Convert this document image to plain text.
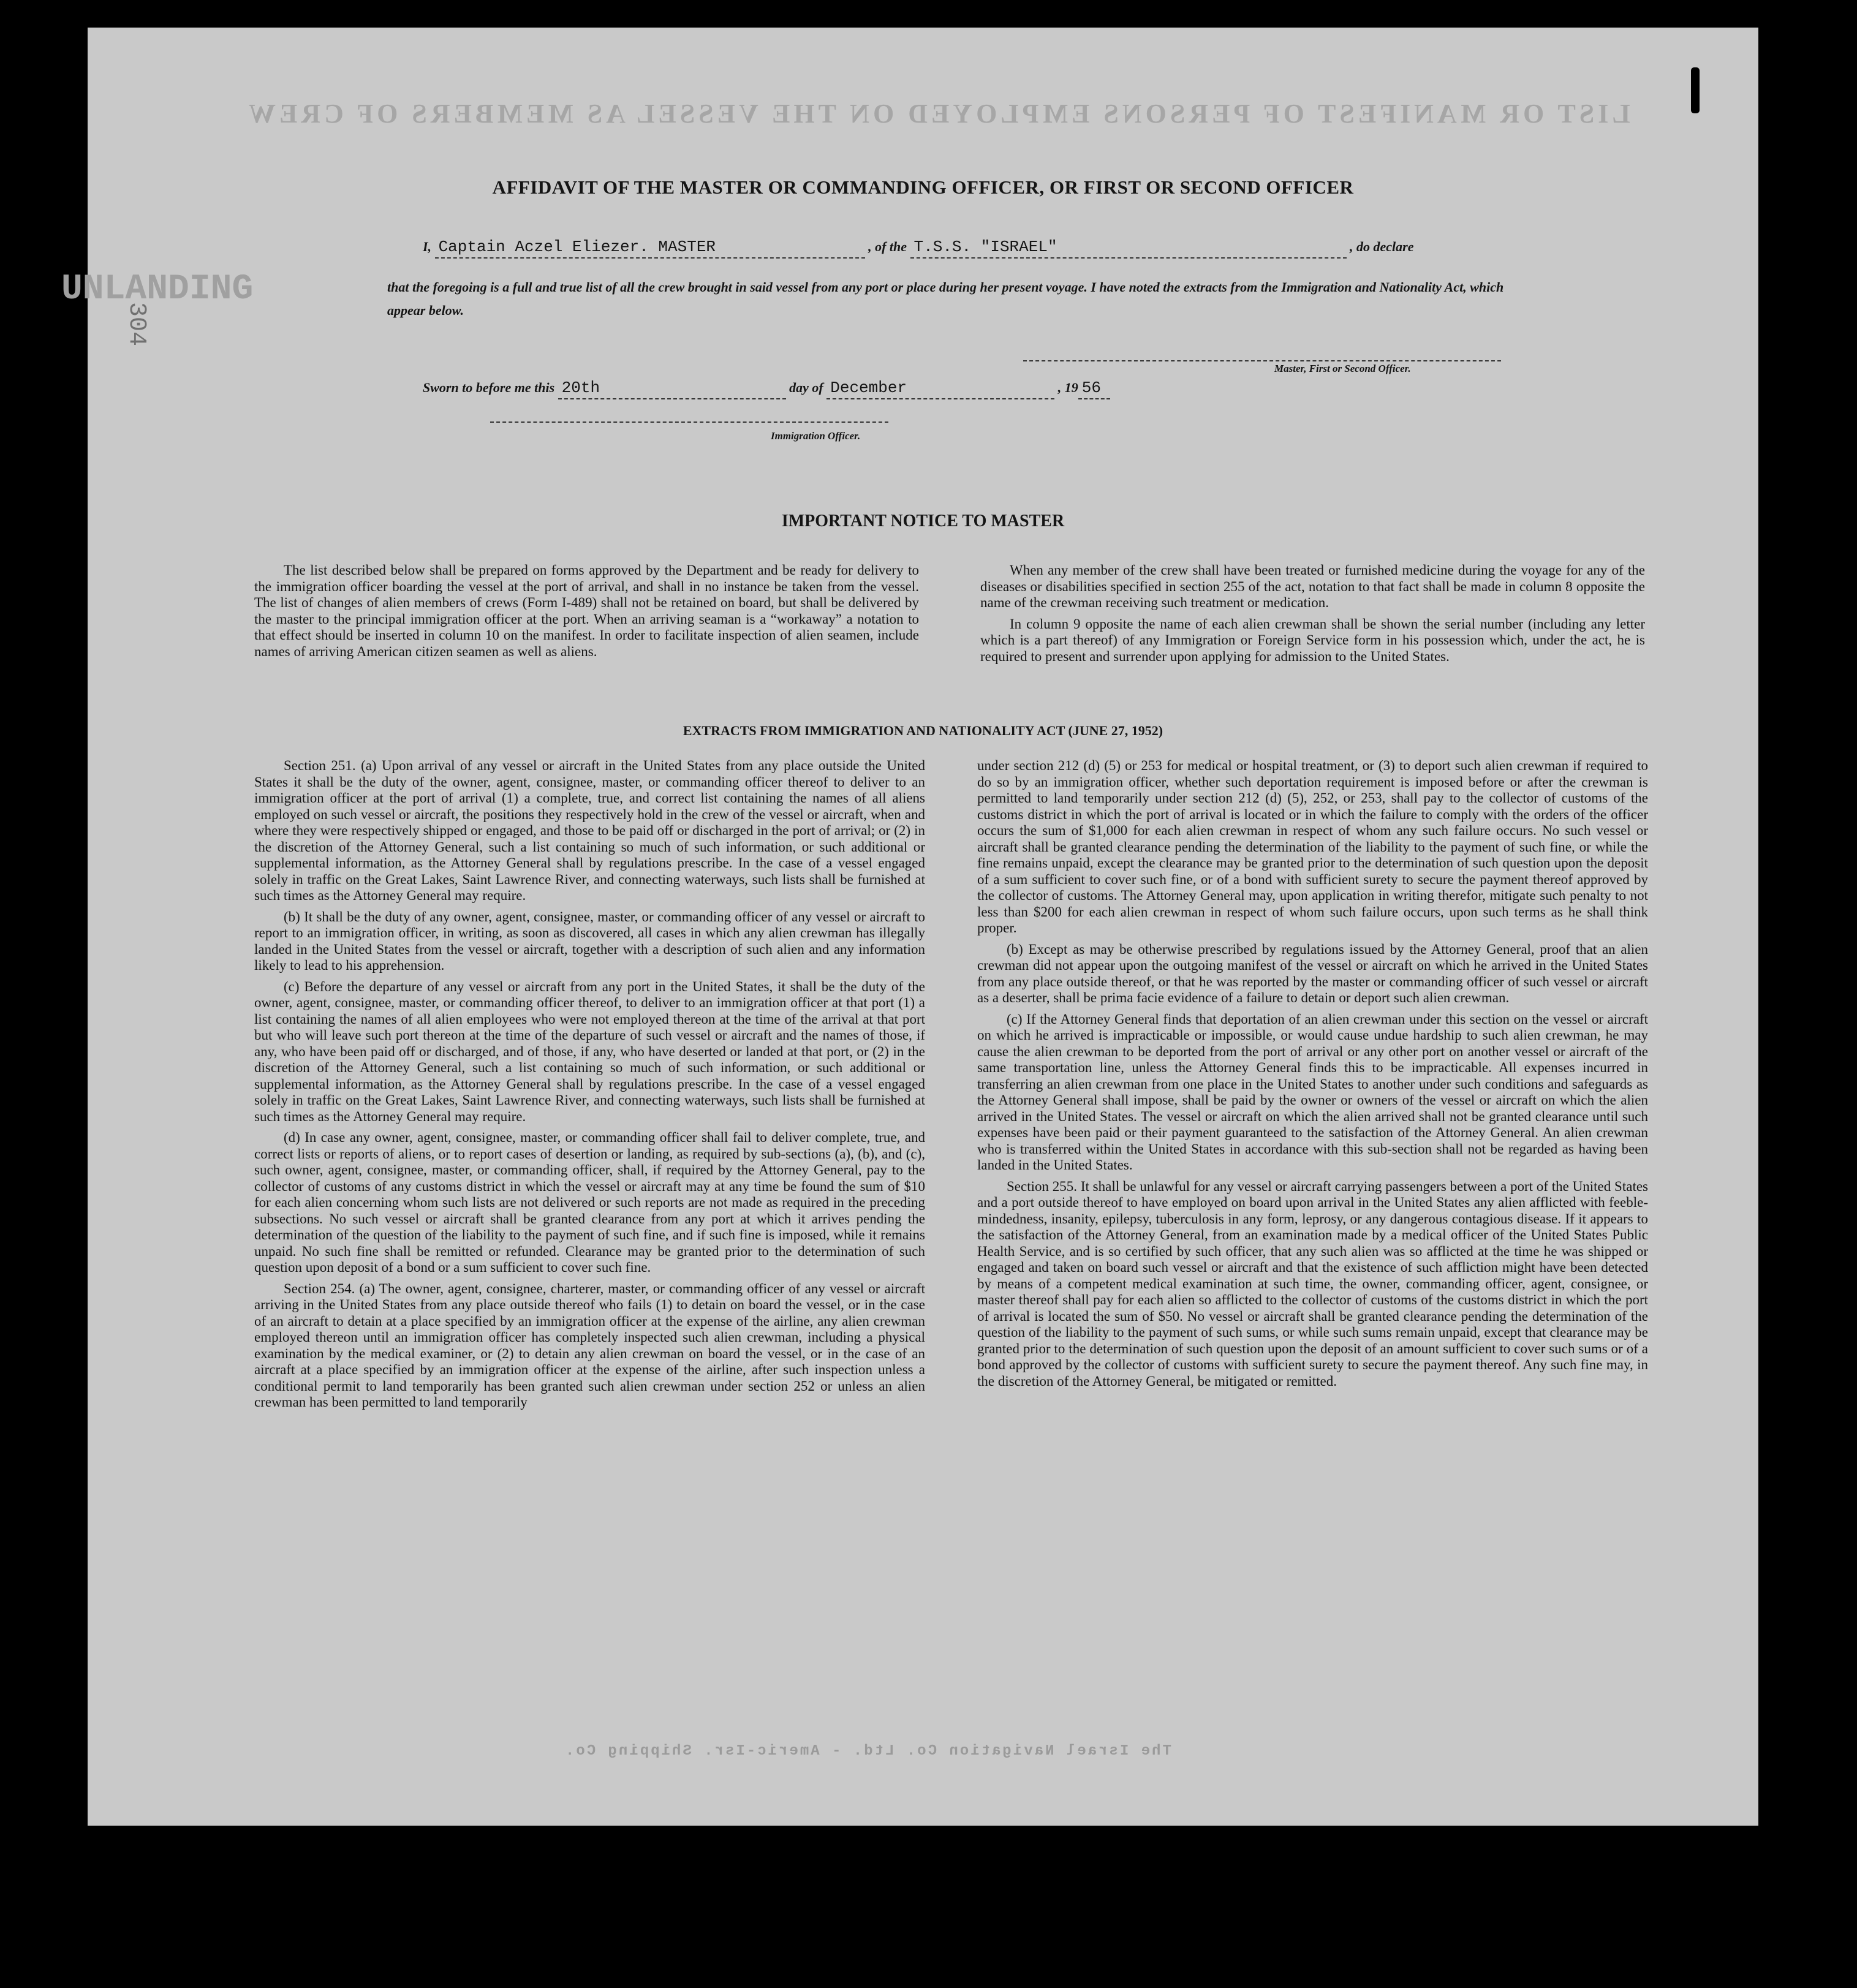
LIST OR MANIFEST OF PERSONS EMPLOYED ON THE VESSEL AS MEMBERS OF CREW
UNLANDING
The Israel Navigation Co. Ltd. - Americ-Isr. Shipping Co.
304
AFFIDAVIT OF THE MASTER OR COMMANDING OFFICER, OR FIRST OR SECOND OFFICER
I, Captain Aczel Eliezer. MASTER	, of the T.S.S. "ISRAEL"	, do declare
that the foregoing is a full and true list of all the crew brought in said vessel from any port or place during her present voyage. I have noted the extracts from the Immigration and Nationality Act, which appear below.
Master, First or Second Officer.
Sworn to before me this 20th	day of December	, 19 56
Immigration Officer.
IMPORTANT NOTICE TO MASTER

The list described below shall be prepared on forms approved by the Department and be ready for delivery to the immigration officer boarding the vessel at the port of arrival, and shall in no instance be taken from the vessel. The list of changes of alien members of crews (Form I-489) shall not be retained on board, but shall be delivered by the master to the principal immigration officer at the port. When an arriving seaman is a “workaway” a notation to that effect should be inserted in column 10 on the manifest. In order to facilitate inspection of alien seamen, include names of arriving American citizen seamen as well as aliens.

When any member of the crew shall have been treated or furnished medicine during the voyage for any of the diseases or disabilities specified in section 255 of the act, notation to that fact shall be made in column 8 opposite the name of the crewman receiving such treatment or medication.

In column 9 opposite the name of each alien crewman shall be shown the serial number (including any letter which is a part thereof) of any Immigration or Foreign Service form in his possession which, under the act, he is required to present and surrender upon applying for admission to the United States.

EXTRACTS FROM IMMIGRATION AND NATIONALITY ACT (JUNE 27, 1952)

Section 251. (a) Upon arrival of any vessel or aircraft in the United States from any place outside the United States it shall be the duty of the owner, agent, consignee, master, or commanding officer thereof to deliver to an immigration officer at the port of arrival (1) a complete, true, and correct list containing the names of all aliens employed on such vessel or aircraft, the positions they respectively hold in the crew of the vessel or aircraft, when and where they were respectively shipped or engaged, and those to be paid off or discharged in the port of arrival; or (2) in the discretion of the Attorney General, such a list containing so much of such information, or such additional or supplemental information, as the Attorney General shall by regulations prescribe. In the case of a vessel engaged solely in traffic on the Great Lakes, Saint Lawrence River, and connecting waterways, such lists shall be furnished at such times as the Attorney General may require.

(b) It shall be the duty of any owner, agent, consignee, master, or commanding officer of any vessel or aircraft to report to an immigration officer, in writing, as soon as discovered, all cases in which any alien crewman has illegally landed in the United States from the vessel or aircraft, together with a description of such alien and any information likely to lead to his apprehension.

(c) Before the departure of any vessel or aircraft from any port in the United States, it shall be the duty of the owner, agent, consignee, master, or commanding officer thereof, to deliver to an immigration officer at that port (1) a list containing the names of all alien employees who were not employed thereon at the time of the arrival at that port but who will leave such port thereon at the time of the departure of such vessel or aircraft and the names of those, if any, who have been paid off or discharged, and of those, if any, who have deserted or landed at that port, or (2) in the discretion of the Attorney General, such a list containing so much of such information, or such additional or supplemental information, as the Attorney General shall by regulations prescribe. In the case of a vessel engaged solely in traffic on the Great Lakes, Saint Lawrence River, and connecting waterways, such lists shall be furnished at such times as the Attorney General may require.

(d) In case any owner, agent, consignee, master, or commanding officer shall fail to deliver complete, true, and correct lists or reports of aliens, or to report cases of desertion or landing, as required by sub-sections (a), (b), and (c), such owner, agent, consignee, master, or commanding officer, shall, if required by the Attorney General, pay to the collector of customs of any customs district in which the vessel or aircraft may at any time be found the sum of $10 for each alien concerning whom such lists are not delivered or such reports are not made as required in the preceding subsections. No such vessel or aircraft shall be granted clearance from any port at which it arrives pending the determination of the question of the liability to the payment of such fine, and if such fine is imposed, while it remains unpaid. No such fine shall be remitted or refunded. Clearance may be granted prior to the determination of such question upon deposit of a bond or a sum sufficient to cover such fine.

Section 254. (a) The owner, agent, consignee, charterer, master, or commanding officer of any vessel or aircraft arriving in the United States from any place outside thereof who fails (1) to detain on board the vessel, or in the case of an aircraft to detain at a place specified by an immigration officer at the expense of the airline, any alien crewman employed thereon until an immigration officer has completely inspected such alien crewman, including a physical examination by the medical examiner, or (2) to detain any alien crewman on board the vessel, or in the case of an aircraft at a place specified by an immigration officer at the expense of the airline, after such inspection unless a conditional permit to land temporarily has been granted such alien crewman under section 252 or unless an alien crewman has been permitted to land temporarily

under section 212 (d) (5) or 253 for medical or hospital treatment, or (3) to deport such alien crewman if required to do so by an immigration officer, whether such deportation requirement is imposed before or after the crewman is permitted to land temporarily under section 212 (d) (5), 252, or 253, shall pay to the collector of customs of the customs district in which the port of arrival is located or in which the failure to comply with the orders of the officer occurs the sum of $1,000 for each alien crewman in respect of whom any such failure occurs. No such vessel or aircraft shall be granted clearance pending the determination of the liability to the payment of such fine, or while the fine remains unpaid, except the clearance may be granted prior to the determination of such question upon the deposit of a sum sufficient to cover such fine, or of a bond with sufficient surety to secure the payment thereof approved by the collector of customs. The Attorney General may, upon application in writing therefor, mitigate such penalty to not less than $200 for each alien crewman in respect of whom such failure occurs, upon such terms as he shall think proper.

(b) Except as may be otherwise prescribed by regulations issued by the Attorney General, proof that an alien crewman did not appear upon the outgoing manifest of the vessel or aircraft on which he arrived in the United States from any place outside thereof, or that he was reported by the master or commanding officer of such vessel or aircraft as a deserter, shall be prima facie evidence of a failure to detain or deport such alien crewman.

(c) If the Attorney General finds that deportation of an alien crewman under this section on the vessel or aircraft on which he arrived is impracticable or impossible, or would cause undue hardship to such alien crewman, he may cause the alien crewman to be deported from the port of arrival or any other port on another vessel or aircraft of the same transportation line, unless the Attorney General finds this to be impracticable. All expenses incurred in transferring an alien crewman from one place in the United States to another under such conditions and safeguards as the Attorney General shall impose, shall be paid by the owner or owners of the vessel or aircraft on which the alien arrived in the United States. The vessel or aircraft on which the alien arrived shall not be granted clearance until such expenses have been paid or their payment guaranteed to the satisfaction of the Attorney General. An alien crewman who is transferred within the United States in accordance with this sub-section shall not be regarded as having been landed in the United States.

Section 255. It shall be unlawful for any vessel or aircraft carrying passengers between a port of the United States and a port outside thereof to have employed on board upon arrival in the United States any alien afflicted with feeble-mindedness, insanity, epilepsy, tuberculosis in any form, leprosy, or any dangerous contagious disease. If it appears to the satisfaction of the Attorney General, from an examination made by a medical officer of the United States Public Health Service, and is so certified by such officer, that any such alien was so afflicted at the time he was shipped or engaged and taken on board such vessel or aircraft and that the existence of such affliction might have been detected by means of a competent medical examination at such time, the owner, commanding officer, agent, consignee, or master thereof shall pay for each alien so afflicted to the collector of customs of the customs district in which the port of arrival is located the sum of $50. No vessel or aircraft shall be granted clearance pending the determination of the question of the liability to the payment of such sums, or while such sums remain unpaid, except that clearance may be granted prior to the determination of such question upon the deposit of an amount sufficient to cover such sums or of a bond approved by the collector of customs with sufficient surety to secure the payment thereof. Any such fine may, in the discretion of the Attorney General, be mitigated or remitted.
